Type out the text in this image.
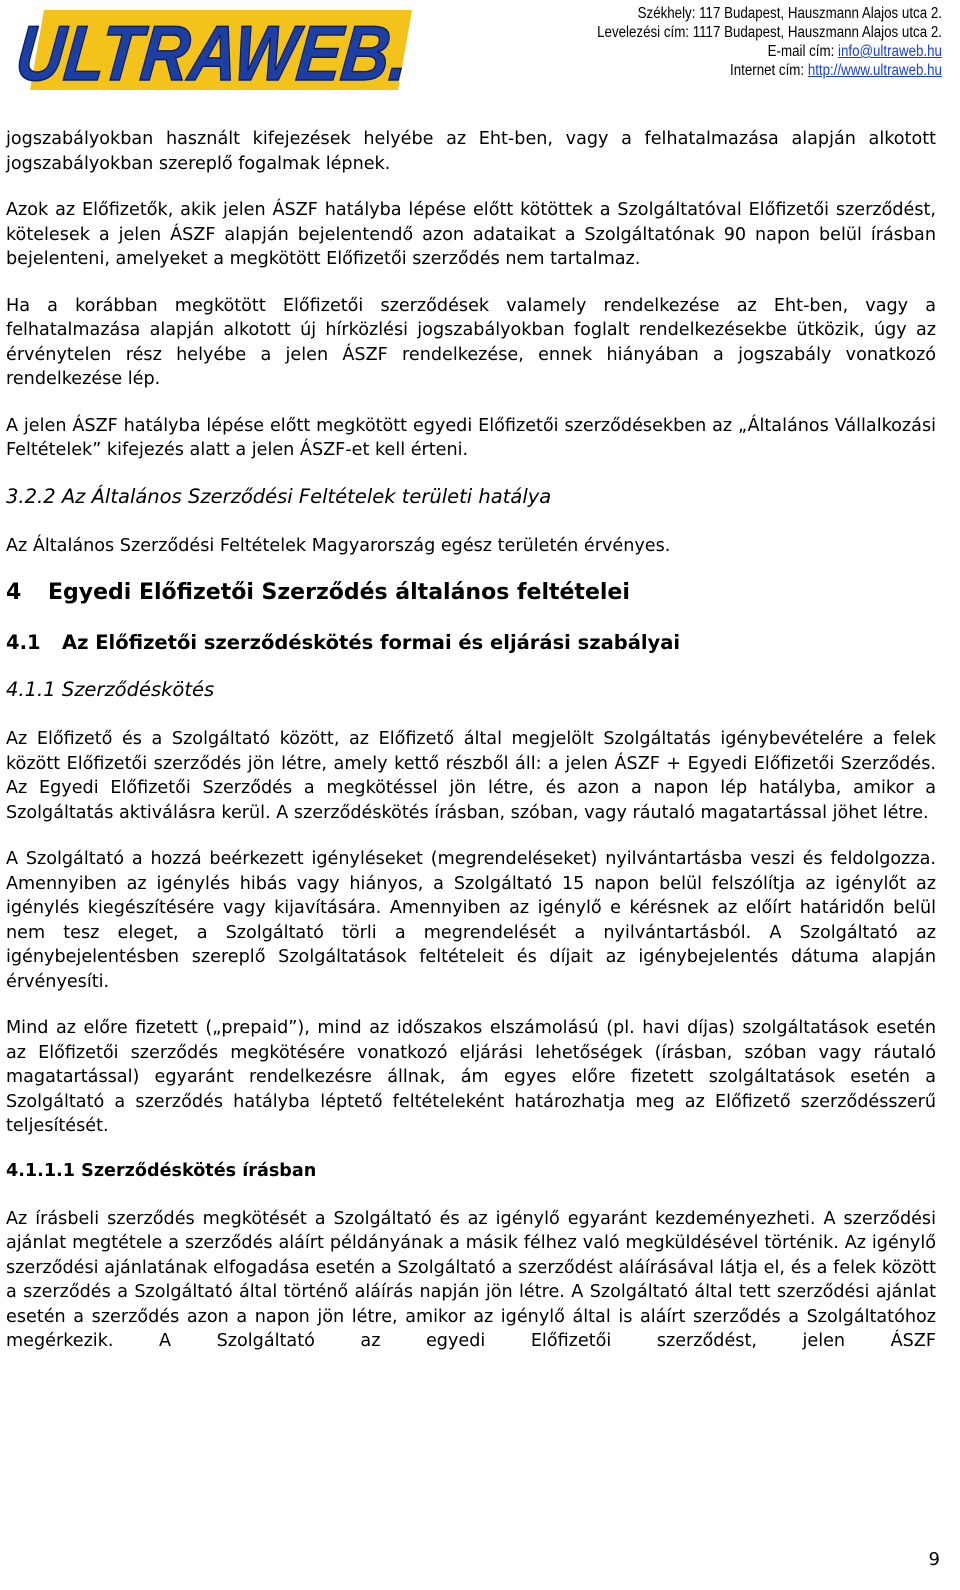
ULTRAWEB.	Székhely: 117 Budapest, Hauszmann Alajos utca 2.
Levelezési cím: 1117 Budapest, Hauszmann Alajos utca 2.
E-mail cím: info@ultraweb.hu
Internet cím: http://www.ultraweb.hu

jogszabályokban használt kifejezések helyébe az Eht-ben, vagy a felhatalmazása alapján alkotott jogszabályokban szereplő fogalmak lépnek.

Azok az Előfizetők, akik jelen ÁSZF hatályba lépése előtt kötöttek a Szolgáltatóval Előfizetői szerződést, kötelesek a jelen ÁSZF alapján bejelentendő azon adataikat a Szolgáltatónak 90 napon belül írásban bejelenteni, amelyeket a megkötött Előfizetői szerződés nem tartalmaz.

Ha a korábban megkötött Előfizetői szerződések valamely rendelkezése az Eht-ben, vagy a felhatalmazása alapján alkotott új hírközlési jogszabályokban foglalt rendelkezésekbe ütközik, úgy az érvénytelen rész helyébe a jelen ÁSZF rendelkezése, ennek hiányában a jogszabály vonatkozó rendelkezése lép.

A jelen ÁSZF hatályba lépése előtt megkötött egyedi Előfizetői szerződésekben az „Általános Vállalkozási Feltételek” kifejezés alatt a jelen ÁSZF-et kell érteni.

3.2.2 Az Általános Szerződési Feltételek területi hatálya

Az Általános Szerződési Feltételek Magyarország egész területén érvényes.

4 Egyedi Előfizetői Szerződés általános feltételei
4.1 Az Előfizetői szerződéskötés formai és eljárási szabályai
4.1.1 Szerződéskötés

Az Előfizető és a Szolgáltató között, az Előfizető által megjelölt Szolgáltatás igénybevételére a felek között Előfizetői szerződés jön létre, amely kettő részből áll: a jelen ÁSZF + Egyedi Előfizetői Szerződés. Az Egyedi Előfizetői Szerződés a megkötéssel jön létre, és azon a napon lép hatályba, amikor a Szolgáltatás aktiválásra kerül. A szerződéskötés írásban, szóban, vagy ráutaló magatartással jöhet létre.

A Szolgáltató a hozzá beérkezett igényléseket (megrendeléseket) nyilvántartásba veszi és feldolgozza. Amennyiben az igénylés hibás vagy hiányos, a Szolgáltató 15 napon belül felszólítja az igénylőt az igénylés kiegészítésére vagy kijavítására. Amennyiben az igénylő e kérésnek az előírt határidőn belül nem tesz eleget, a Szolgáltató törli a megrendelését a nyilvántartásból. A Szolgáltató az igénybejelentésben szereplő Szolgáltatások feltételeit és díjait az igénybejelentés dátuma alapján érvényesíti.

Mind az előre fizetett („prepaid”), mind az időszakos elszámolású (pl. havi díjas) szolgáltatások esetén az Előfizetői szerződés megkötésére vonatkozó eljárási lehetőségek (írásban, szóban vagy ráutaló magatartással) egyaránt rendelkezésre állnak, ám egyes előre fizetett szolgáltatások esetén a Szolgáltató a szerződés hatályba léptető feltételeként határozhatja meg az Előfizető szerződésszerű teljesítését.

4.1.1.1 Szerződéskötés írásban

Az írásbeli szerződés megkötését a Szolgáltató és az igénylő egyaránt kezdeményezheti. A szerződési ajánlat megtétele a szerződés aláírt példányának a másik félhez való megküldésével történik. Az igénylő szerződési ajánlatának elfogadása esetén a Szolgáltató a szerződést aláírásával látja el, és a felek között a szerződés a Szolgáltató által történő aláírás napján jön létre. A Szolgáltató által tett szerződési ajánlat esetén a szerződés azon a napon jön létre, amikor az igénylő által is aláírt szerződés a Szolgáltatóhoz megérkezik. A Szolgáltató az egyedi Előfizetői szerződést, jelen ÁSZF

9
